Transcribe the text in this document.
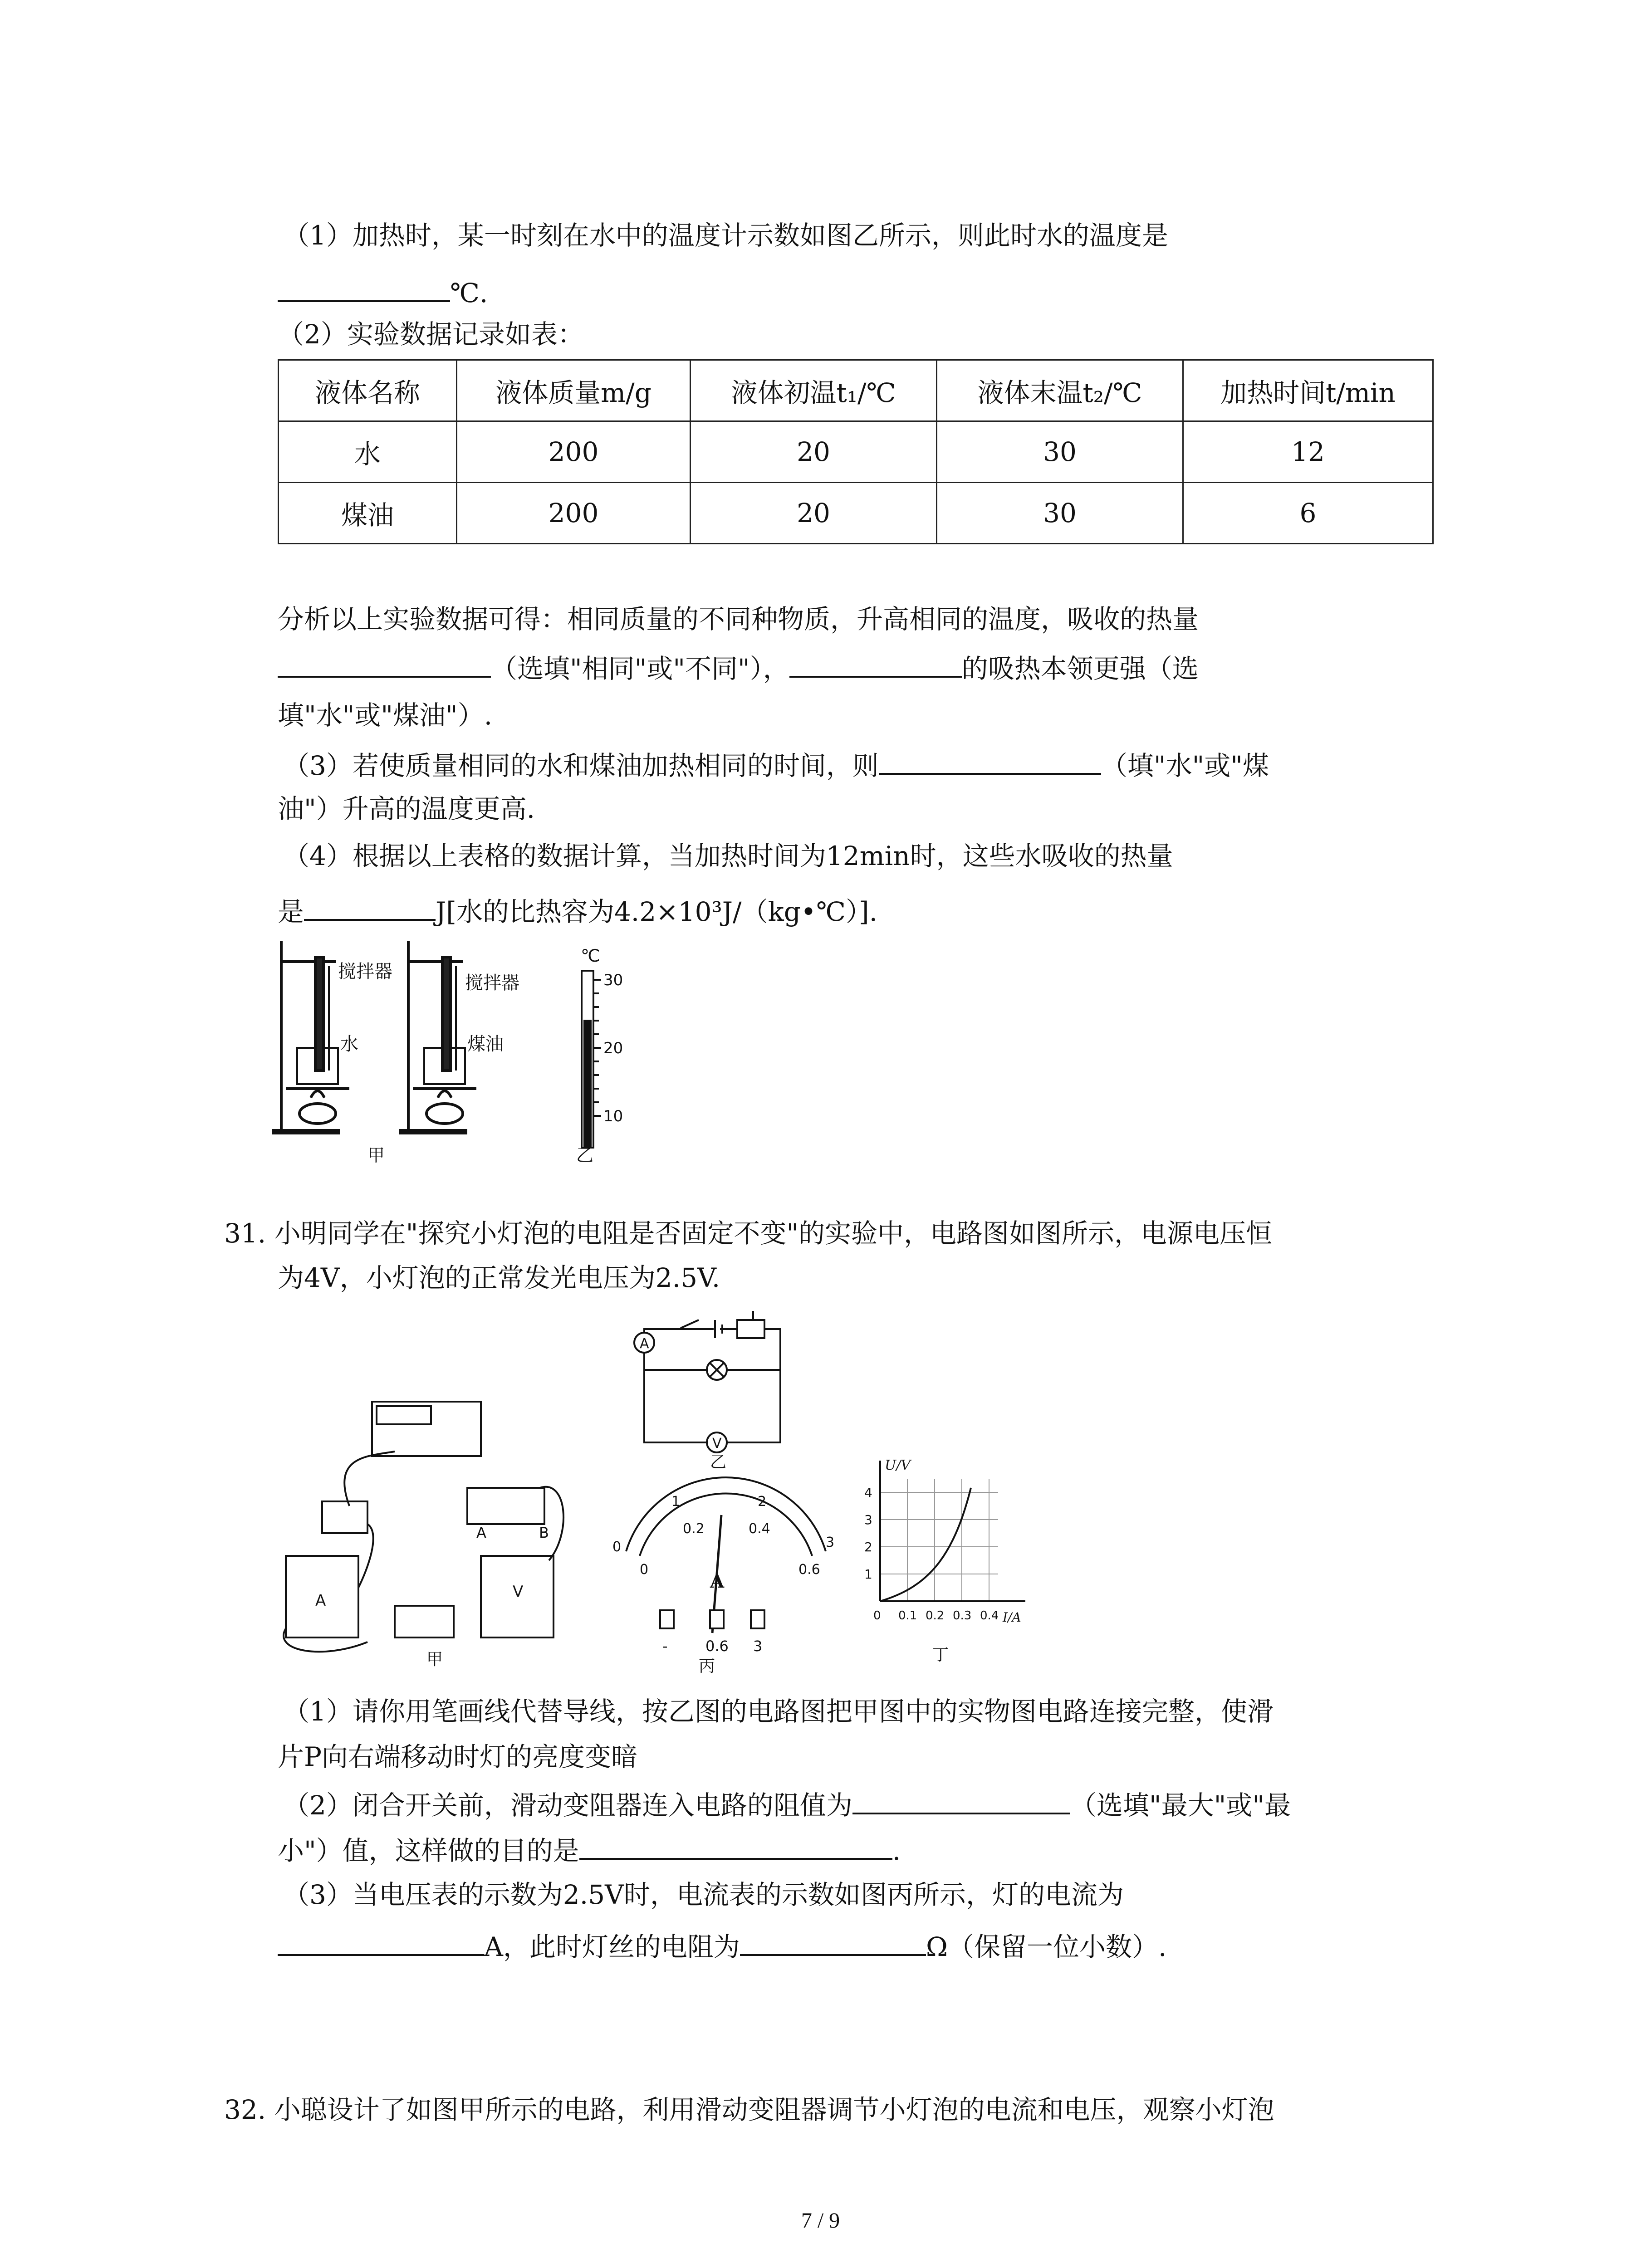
（1）加热时，某一时刻在水中的温度计示数如图乙所示，则此时水的温度是
℃.
（2）实验数据记录如表：
液体名称	液体质量m/g	液体初温t₁/℃	液体末温t₂/℃	加热时间t/min
水	200	20	30	12
煤油	200	20	30	6
分析以上实验数据可得：相同质量的不同种物质，升高相同的温度，吸收的热量
（选填"相同"或"不同"），	的吸热本领更强（选
填"水"或"煤油"）.
（3）若使质量相同的水和煤油加热相同的时间，则	（填"水"或"煤
油"）升高的温度更高.
（4）根据以上表格的数据计算，当加热时间为12min时，这些水吸收的热量
是	J[水的比热容为4.2×10³J/（kg•℃）].
搅拌器
搅拌器
水	煤油
甲
℃
30
20
10
乙
31. 小明同学在"探究小灯泡的电阻是否固定不变"的实验中，电路图如图所示，电源电压恒
为4V，小灯泡的正常发光电压为2.5V.
A
V
乙
A	V
A	B
甲
0
1	2
3
0
0.2	0.4
0.6
A
-	0.6 3
丙
U/V
4
3
2
1
0 0.1 0.2 0.3 0.4 I/A
丁
（1）请你用笔画线代替导线，按乙图的电路图把甲图中的实物图电路连接完整，使滑
片P向右端移动时灯的亮度变暗
（2）闭合开关前，滑动变阻器连入电路的阻值为	（选填"最大"或"最
小"）值，这样做的目的是	.
（3）当电压表的示数为2.5V时，电流表的示数如图丙所示，灯的电流为
A，此时灯丝的电阻为	Ω（保留一位小数）.
32. 小聪设计了如图甲所示的电路，利用滑动变阻器调节小灯泡的电流和电压，观察小灯泡
7 / 9
